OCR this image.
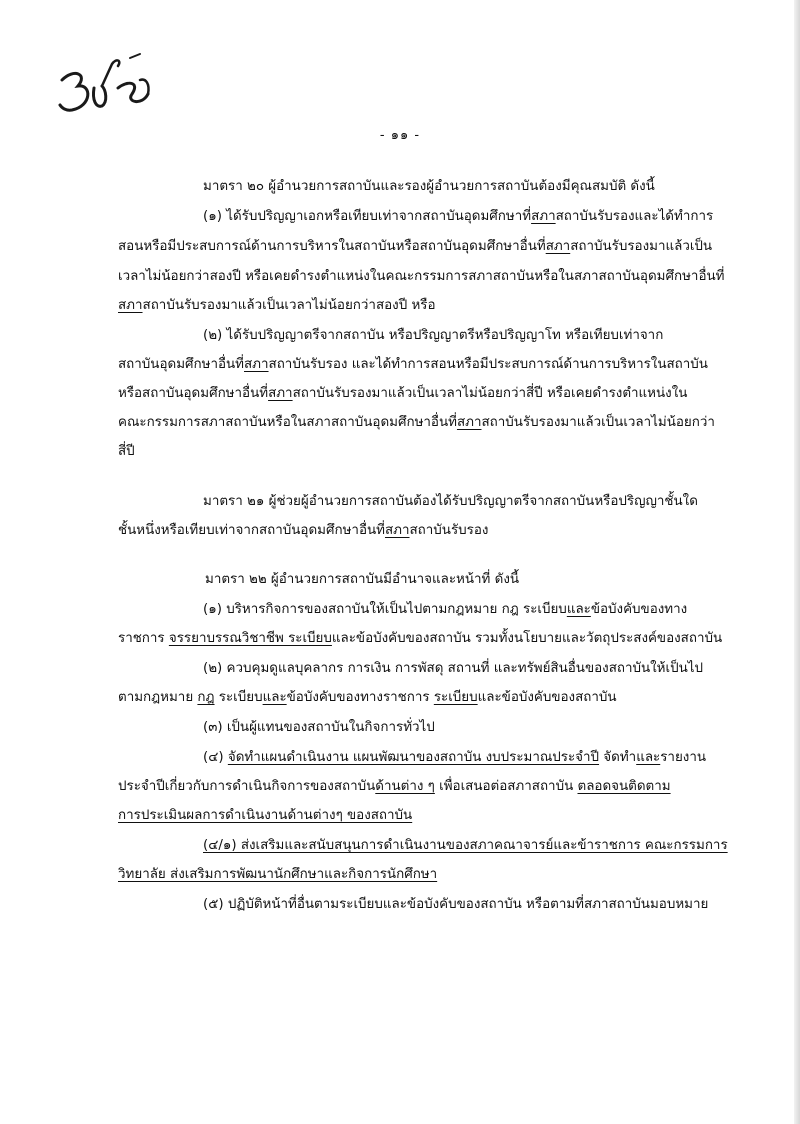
- ๑๑ -
มาตรา ๒๐ ผู้อำนวยการสถาบันและรองผู้อำนวยการสถาบันต้องมีคุณสมบัติ ดังนี้
(๑) ได้รับปริญญาเอกหรือเทียบเท่าจากสถาบันอุดมศึกษาที่สภาสถาบันรับรองและได้ทำการ
สอนหรือมีประสบการณ์ด้านการบริหารในสถาบันหรือสถาบันอุดมศึกษาอื่นที่สภาสถาบันรับรองมาแล้วเป็น
เวลาไม่น้อยกว่าสองปี หรือเคยดำรงตำแหน่งในคณะกรรมการสภาสถาบันหรือในสภาสถาบันอุดมศึกษาอื่นที่
สภาสถาบันรับรองมาแล้วเป็นเวลาไม่น้อยกว่าสองปี หรือ
(๒) ได้รับปริญญาตรีจากสถาบัน หรือปริญญาตรีหรือปริญญาโท หรือเทียบเท่าจาก
สถาบันอุดมศึกษาอื่นที่สภาสถาบันรับรอง และได้ทำการสอนหรือมีประสบการณ์ด้านการบริหารในสถาบัน
หรือสถาบันอุดมศึกษาอื่นที่สภาสถาบันรับรองมาแล้วเป็นเวลาไม่น้อยกว่าสี่ปี หรือเคยดำรงตำแหน่งใน
คณะกรรมการสภาสถาบันหรือในสภาสถาบันอุดมศึกษาอื่นที่สภาสถาบันรับรองมาแล้วเป็นเวลาไม่น้อยกว่า
สี่ปี
มาตรา ๒๑ ผู้ช่วยผู้อำนวยการสถาบันต้องได้รับปริญญาตรีจากสถาบันหรือปริญญาชั้นใด
ชั้นหนึ่งหรือเทียบเท่าจากสถาบันอุดมศึกษาอื่นที่สภาสถาบันรับรอง
มาตรา ๒๒ ผู้อำนวยการสถาบันมีอำนาจและหน้าที่ ดังนี้
(๑) บริหารกิจการของสถาบันให้เป็นไปตามกฎหมาย กฎ ระเบียบและข้อบังคับของทาง
ราชการ จรรยาบรรณวิชาชีพ ระเบียบและข้อบังคับของสถาบัน รวมทั้งนโยบายและวัตถุประสงค์ของสถาบัน
(๒) ควบคุมดูแลบุคลากร การเงิน การพัสดุ สถานที่ และทรัพย์สินอื่นของสถาบันให้เป็นไป
ตามกฎหมาย กฎ ระเบียบและข้อบังคับของทางราชการ ระเบียบและข้อบังคับของสถาบัน
(๓) เป็นผู้แทนของสถาบันในกิจการทั่วไป
(๔) จัดทำแผนดำเนินงาน แผนพัฒนาของสถาบัน งบประมาณประจำปี จัดทำและรายงาน
ประจำปีเกี่ยวกับการดำเนินกิจการของสถาบันด้านต่าง ๆ เพื่อเสนอต่อสภาสถาบัน ตลอดจนติดตาม
การประเมินผลการดำเนินงานด้านต่างๆ ของสถาบัน
(๔/๑) ส่งเสริมและสนับสนุนการดำเนินงานของสภาคณาจารย์และข้าราชการ คณะกรรมการ
วิทยาลัย ส่งเสริมการพัฒนานักศึกษาและกิจการนักศึกษา
(๕) ปฏิบัติหน้าที่อื่นตามระเบียบและข้อบังคับของสถาบัน หรือตามที่สภาสถาบันมอบหมาย
